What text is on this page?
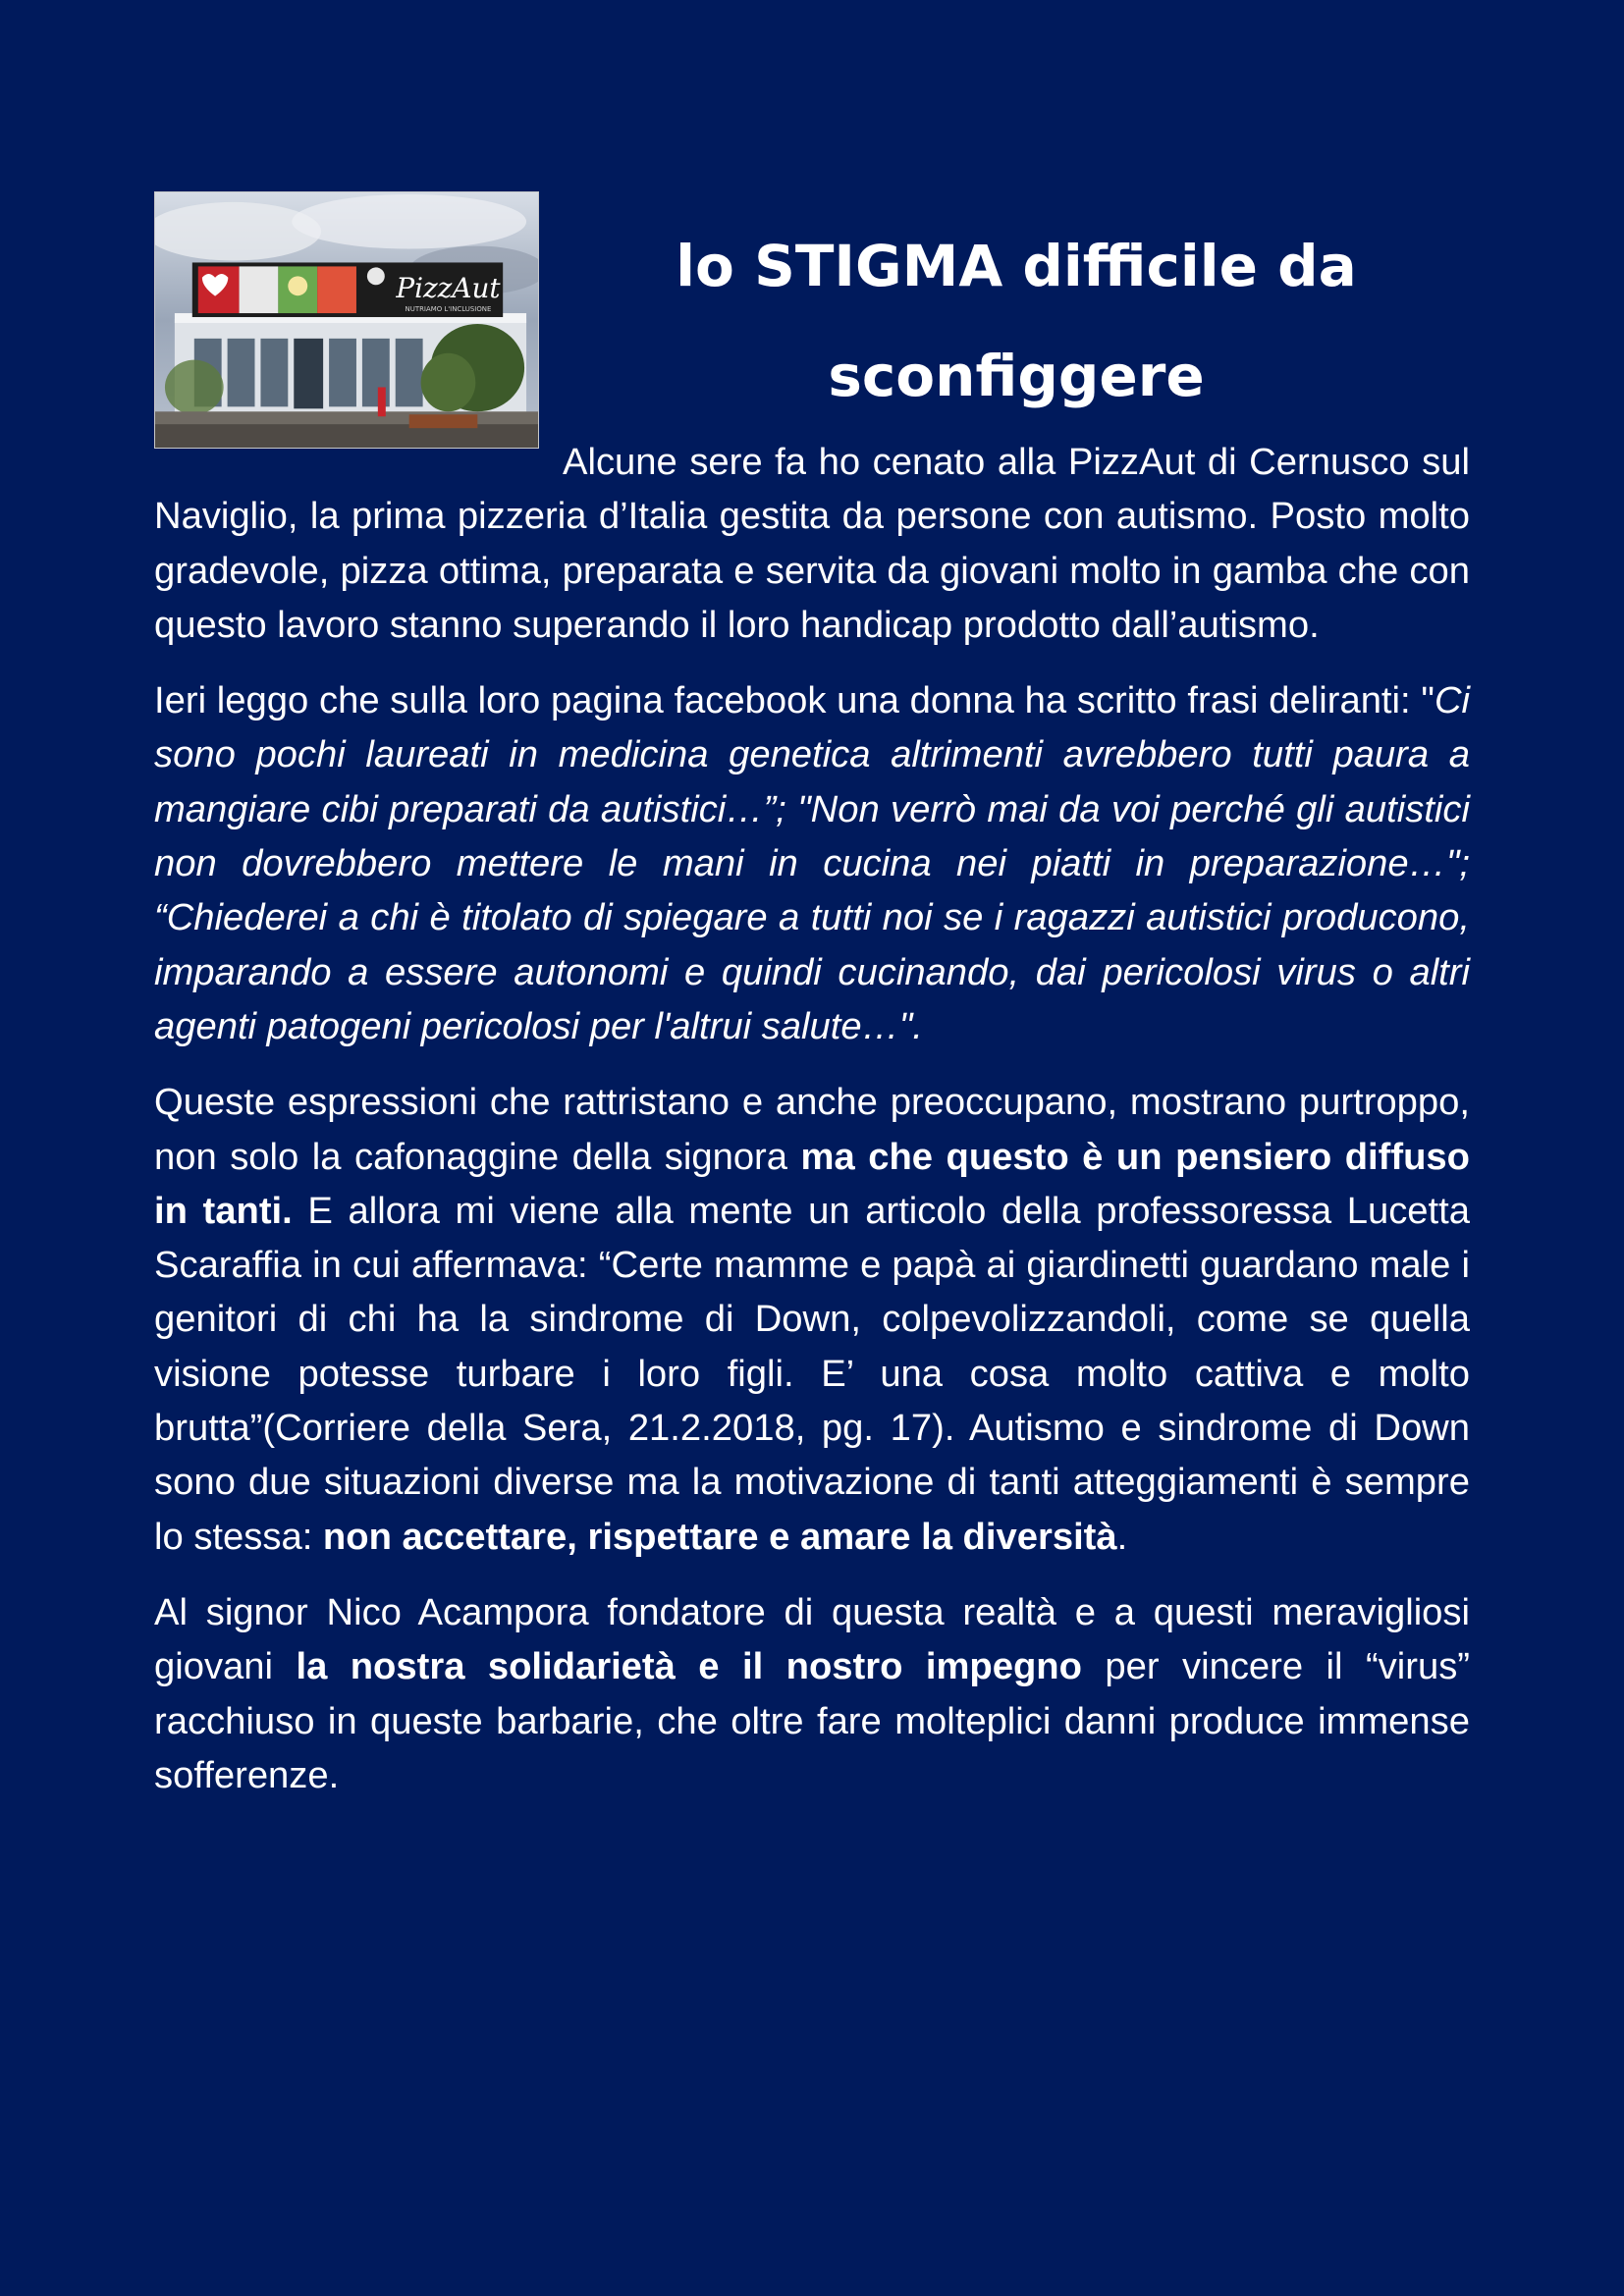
PizzAut
NUTRIAMO L'INCLUSIONE
lo STIGMA difficile da
sconfiggere

Alcune sere fa ho cenato alla PizzAut di Cernusco sul Naviglio, la prima pizzeria d’Italia gestita da persone con autismo. Posto molto gradevole, pizza ottima, preparata e servita da giovani molto in gamba che con questo lavoro stanno superando il loro handicap prodotto dall’autismo.

Ieri leggo che sulla loro pagina facebook una donna ha scritto frasi deliranti: "Ci sono pochi laureati in medicina genetica altrimenti avrebbero tutti paura a mangiare cibi preparati da autistici…”; "Non verrò mai da voi perché gli autistici non dovrebbero mettere le mani in cucina nei piatti in preparazione…"; “Chiederei a chi è titolato di spiegare a tutti noi se i ragazzi autistici producono, imparando a essere autonomi e quindi cucinando, dai pericolosi virus o altri agenti patogeni pericolosi per l'altrui salute…".

Queste espressioni che rattristano e anche preoccupano, mostrano purtroppo, non solo la cafonaggine della signora ma che questo è un pensiero diffuso in tanti. E allora mi viene alla mente un articolo della professoressa Lucetta Scaraffia in cui affermava: “Certe mamme e papà ai giardinetti guardano male i genitori di chi ha la sindrome di Down, colpevolizzandoli, come se quella visione potesse turbare i loro figli. E’ una cosa molto cattiva e molto brutta”(Corriere della Sera, 21.2.2018, pg. 17). Autismo e sindrome di Down sono due situazioni diverse ma la motivazione di tanti atteggiamenti è sempre lo stessa: non accettare, rispettare e amare la diversità.

Al signor Nico Acampora fondatore di questa realtà e a questi meravigliosi giovani la nostra solidarietà e il nostro impegno per vincere il “virus” racchiuso in queste barbarie, che oltre fare molteplici danni produce immense sofferenze.
